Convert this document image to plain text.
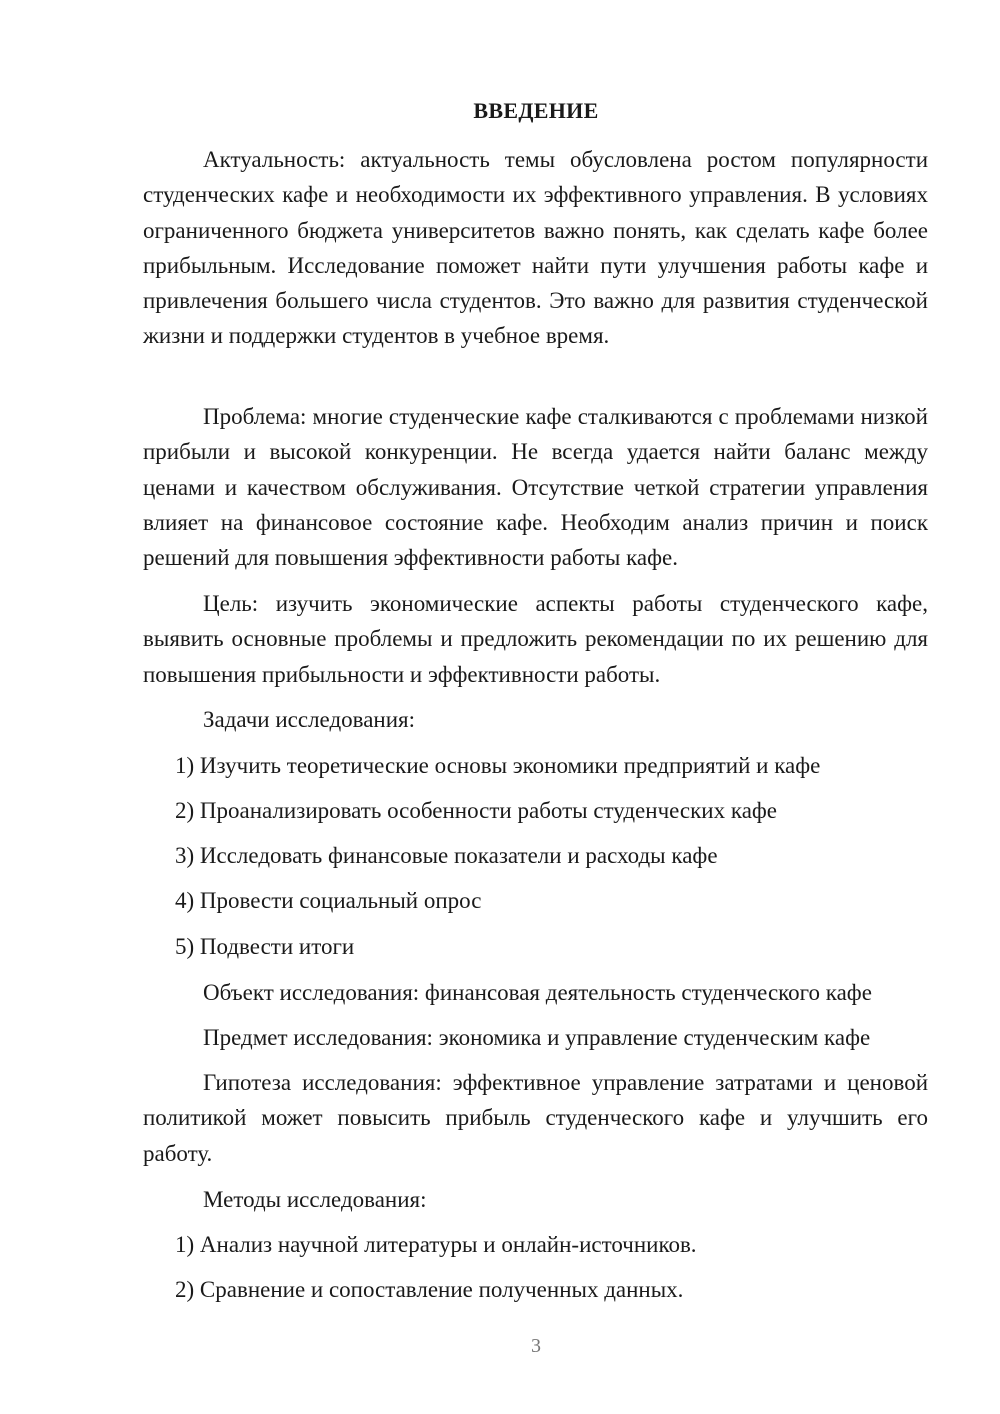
ВВЕДЕНИЕ

Актуальность: актуальность темы обусловлена ростом популярности студенческих кафе и необходимости их эффективного управления. В условиях ограниченного бюджета университетов важно понять, как сделать кафе более прибыльным. Исследование поможет найти пути улучшения работы кафе и привлечения большего числа студентов. Это важно для развития студенческой жизни и поддержки студентов в учебное время.

Проблема: многие студенческие кафе сталкиваются с проблемами низкой прибыли и высокой конкуренции. Не всегда удается найти баланс между ценами и качеством обслуживания. Отсутствие четкой стратегии управления влияет на финансовое состояние кафе. Необходим анализ причин и поиск решений для повышения эффективности работы кафе.

Цель: изучить экономические аспекты работы студенческого кафе, выявить основные проблемы и предложить рекомендации по их решению для повышения прибыльности и эффективности работы.

Задачи исследования:

1) Изучить теоретические основы экономики предприятий и кафе

2) Проанализировать особенности работы студенческих кафе

3) Исследовать финансовые показатели и расходы кафе

4) Провести социальный опрос

5) Подвести итоги

Объект исследования: финансовая деятельность студенческого кафе

Предмет исследования: экономика и управление студенческим кафе

Гипотеза исследования: эффективное управление затратами и ценовой политикой может повысить прибыль студенческого кафе и улучшить его работу.

Методы исследования:

1) Анализ научной литературы и онлайн-источников.

2) Сравнение и сопоставление полученных данных.

3
